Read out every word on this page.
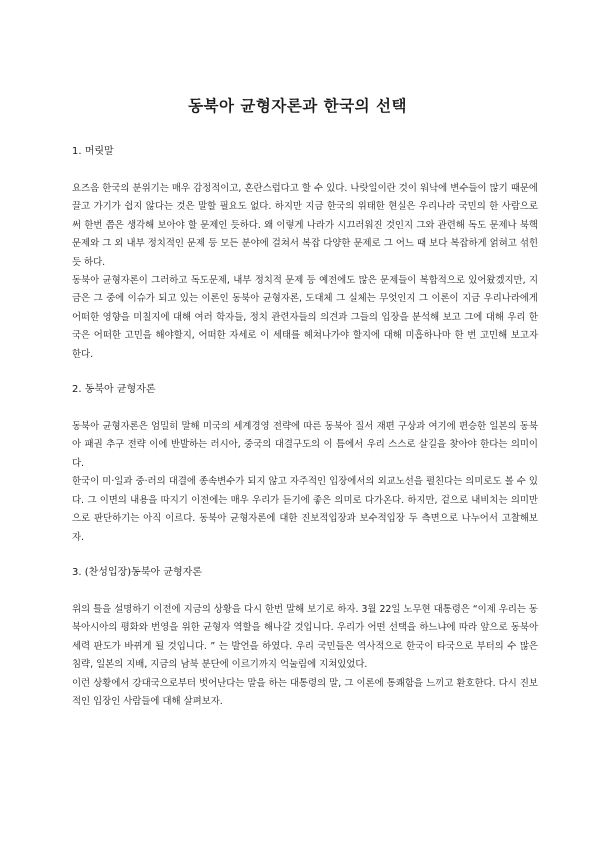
동북아 균형자론과 한국의 선택
1. 머릿말

요즈음 한국의 분위기는 매우 감정적이고, 혼란스럽다고 할 수 있다. 나랏일이란 것이 워낙에 변수들이 많기 때문에 끌고 가기가 쉽지 않다는 것은 말할 필요도 없다. 하지만 지금 한국의 위태한 현실은 우리나라 국민의 한 사람으로써 한번 쯤은 생각해 보아야 할 문제인 듯하다. 왜 이렇게 나라가 시끄러워진 것인지 그와 관련해 독도 문제나 북핵문제와 그 외 내부 정치적인 문제 등 모든 분야에 걸쳐서 복잡 다양한 문제로 그 어느 때 보다 복잡하게 얽혀고 섞힌 듯 하다.

동북아 균형자론이 그러하고 독도문제, 내부 정치적 문제 등 예전에도 많은 문제들이 복합적으로 있어왔겠지만, 지금은 그 중에 이슈가 되고 있는 이론인 동북아 균형자론, 도대체 그 실체는 무엇인지 그 이론이 지금 우리나라에게 어떠한 영향을 미칠지에 대해 여러 학자들, 정치 관련자들의 의견과 그들의 입장을 분석해 보고 그에 대해 우리 한국은 어떠한 고민을 해야할지, 어떠한 자세로 이 세태를 헤쳐나가야 할지에 대해 미흡하나마 한 번 고민해 보고자 한다.

2. 동북아 균형자론

동북아 균형자론은 엄밀히 말해 미국의 세계경영 전략에 따른 동북아 질서 재편 구상과 여기에 편승한 일본의 동북아 패권 추구 전략 이에 반발하는 러시아, 중국의 대결구도의 이 틈에서 우리 스스로 살길을 찾아야 한다는 의미이다.

한국이 미·일과 중·러의 대결에 종속변수가 되지 않고 자주적인 입장에서의 외교노선을 펼친다는 의미로도 볼 수 있다. 그 이면의 내용을 따지기 이전에는 매우 우리가 듣기에 좋은 의미로 다가온다. 하지만, 겉으로 내비치는 의미만으로 판단하기는 아직 이르다. 동북아 균형자론에 대한 진보적입장과 보수적입장 두 측면으로 나누어서 고찰해보자.

3. (찬성입장)동북아 균형자론

위의 틀을 설명하기 이전에 지금의 상황을 다시 한번 말해 보기로 하자. 3월 22일 노무현 대통령은 “이제 우리는 동북아시아의 평화와 번영을 위한 균형자 역할을 해나갈 것입니다. 우리가 어떤 선택을 하느냐에 따라 앞으로 동북아 세력 판도가 바뀌게 될 것입니다. ” 는 발언을 하였다. 우리 국민들은 역사적으로 한국이 타국으로 부터의 수 많은 침략, 일본의 지배, 지금의 남북 분단에 이르기까지 억눌림에 지쳐있었다.

이런 상황에서 강대국으로부터 벗어난다는 말을 하는 대통령의 말, 그 이론에 통쾌함을 느끼고 환호한다. 다시 진보적인 입장인 사람들에 대해 살펴보자.
